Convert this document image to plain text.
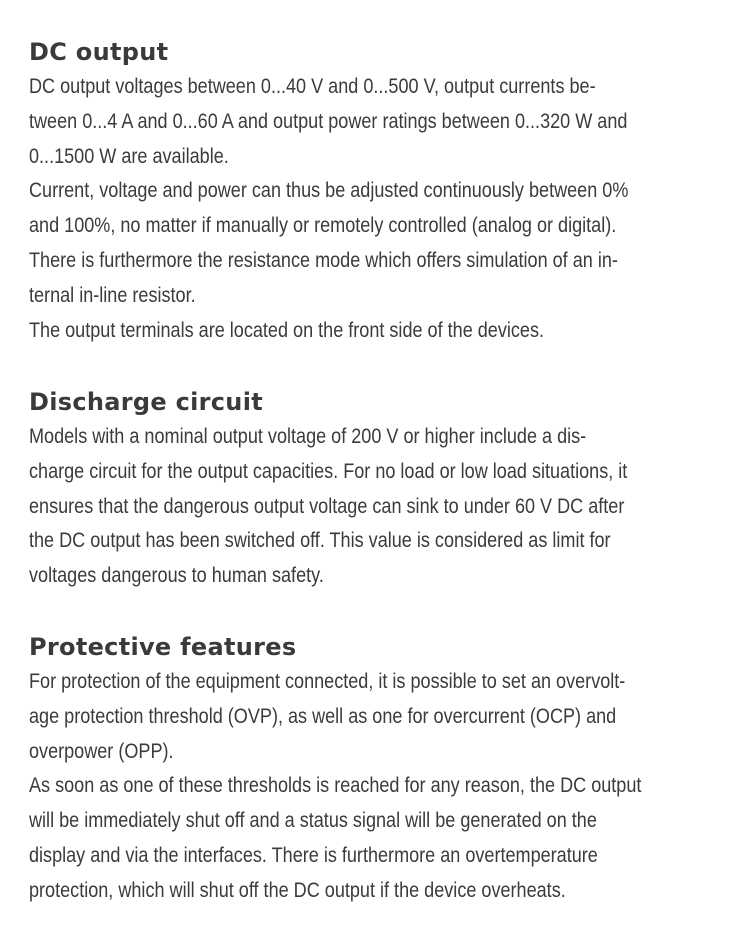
DC output
DC output voltages between 0...40 V and 0...500 V, output currents be-
tween 0...4 A and 0...60 A and output power ratings between 0...320 W and
0...1500 W are available.
Current, voltage and power can thus be adjusted continuously between 0%
and 100%, no matter if manually or remotely controlled (analog or digital).
There is furthermore the resistance mode which offers simulation of an in-
ternal in-line resistor.
The output terminals are located on the front side of the devices.
Discharge circuit
Models with a nominal output voltage of 200 V or higher include a dis-
charge circuit for the output capacities. For no load or low load situations, it
ensures that the dangerous output voltage can sink to under 60 V DC after
the DC output has been switched off. This value is considered as limit for
voltages dangerous to human safety.
Protective features
For protection of the equipment connected, it is possible to set an overvolt-
age protection threshold (OVP), as well as one for overcurrent (OCP) and
overpower (OPP).
As soon as one of these thresholds is reached for any reason, the DC output
will be immediately shut off and a status signal will be generated on the
display and via the interfaces. There is furthermore an overtemperature
protection, which will shut off the DC output if the device overheats.
